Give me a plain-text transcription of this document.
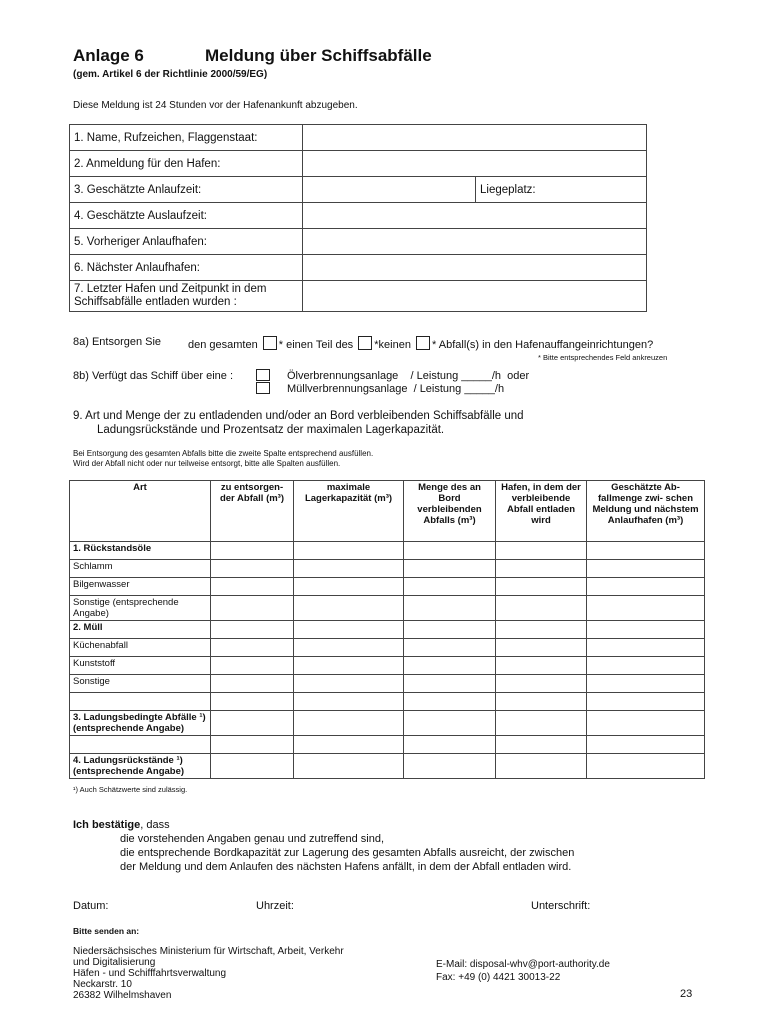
Anlage 6	Meldung über Schiffsabfälle
(gem. Artikel 6 der Richtlinie 2000/59/EG)
Diese Meldung ist 24 Stunden vor der Hafenankunft abzugeben.
1. Name, Rufzeichen, Flaggenstaat:		
2. Anmeldung für den Hafen:		
3. Geschätzte Anlaufzeit:		Liegeplatz:
4. Geschätzte Auslaufzeit:		
5. Vorheriger Anlaufhafen:		
6. Nächster Anlaufhafen:		
7. Letzter Hafen und Zeitpunkt in dem
Schiffsabfälle entladen wurden :		
8a) Entsorgen Sie den gesamten * einen Teil des *keinen * Abfall(s) in den Hafenauffangeinrichtungen?
* Bitte entsprechendes Feld ankreuzen
8b) Verfügt das Schiff über eine :	Ölverbrennungsanlage    / Leistung _____/h  oder
Müllverbrennungsanlage  / Leistung _____/h
9. Art und Menge der zu entladenden und/oder an Bord verbleibenden Schiffsabfälle und
Ladungsrückstände und Prozentsatz der maximalen Lagerkapazität.
Bei Entsorgung des gesamten Abfalls bitte die zweite Spalte entsprechend ausfüllen.
Wird der Abfall nicht oder nur teilweise entsorgt, bitte alle Spalten ausfüllen.
Art	zu entsorgen-der Abfall (m³)	maximale Lagerkapazität (m³)	Menge des an Bord verbleibenden Abfalls (m³)	Hafen, in dem der verbleibende Abfall entladen wird	Geschätzte Ab-fallmenge zwi- schen Meldung und nächstem Anlaufhafen (m³)
1. Rückstandsöle					
Schlamm					
Bilgenwasser					
Sonstige (entsprechende Angabe)					
2. Müll					
Küchenabfall					
Kunststoff					
Sonstige					

3. Ladungsbedingte Abfälle ¹) (entsprechende Angabe)					

4. Ladungsrückstände ¹) (entsprechende Angabe)					
¹) Auch Schätzwerte sind zulässig.
Ich bestätige, dass
die vorstehenden Angaben genau und zutreffend sind,
die entsprechende Bordkapazität zur Lagerung des gesamten Abfalls ausreicht, der zwischen
der Meldung und dem Anlaufen des nächsten Hafens anfällt, in dem der Abfall entladen wird.
Datum:	Uhrzeit:	Unterschrift:
Bitte senden an:
Niedersächsisches Ministerium für Wirtschaft, Arbeit, Verkehr
und Digitalisierung
Häfen - und Schifffahrtsverwaltung
Neckarstr. 10
26382 Wilhelmshaven
E-Mail: disposal-whv@port-authority.de
Fax: +49 (0) 4421 30013-22
23
